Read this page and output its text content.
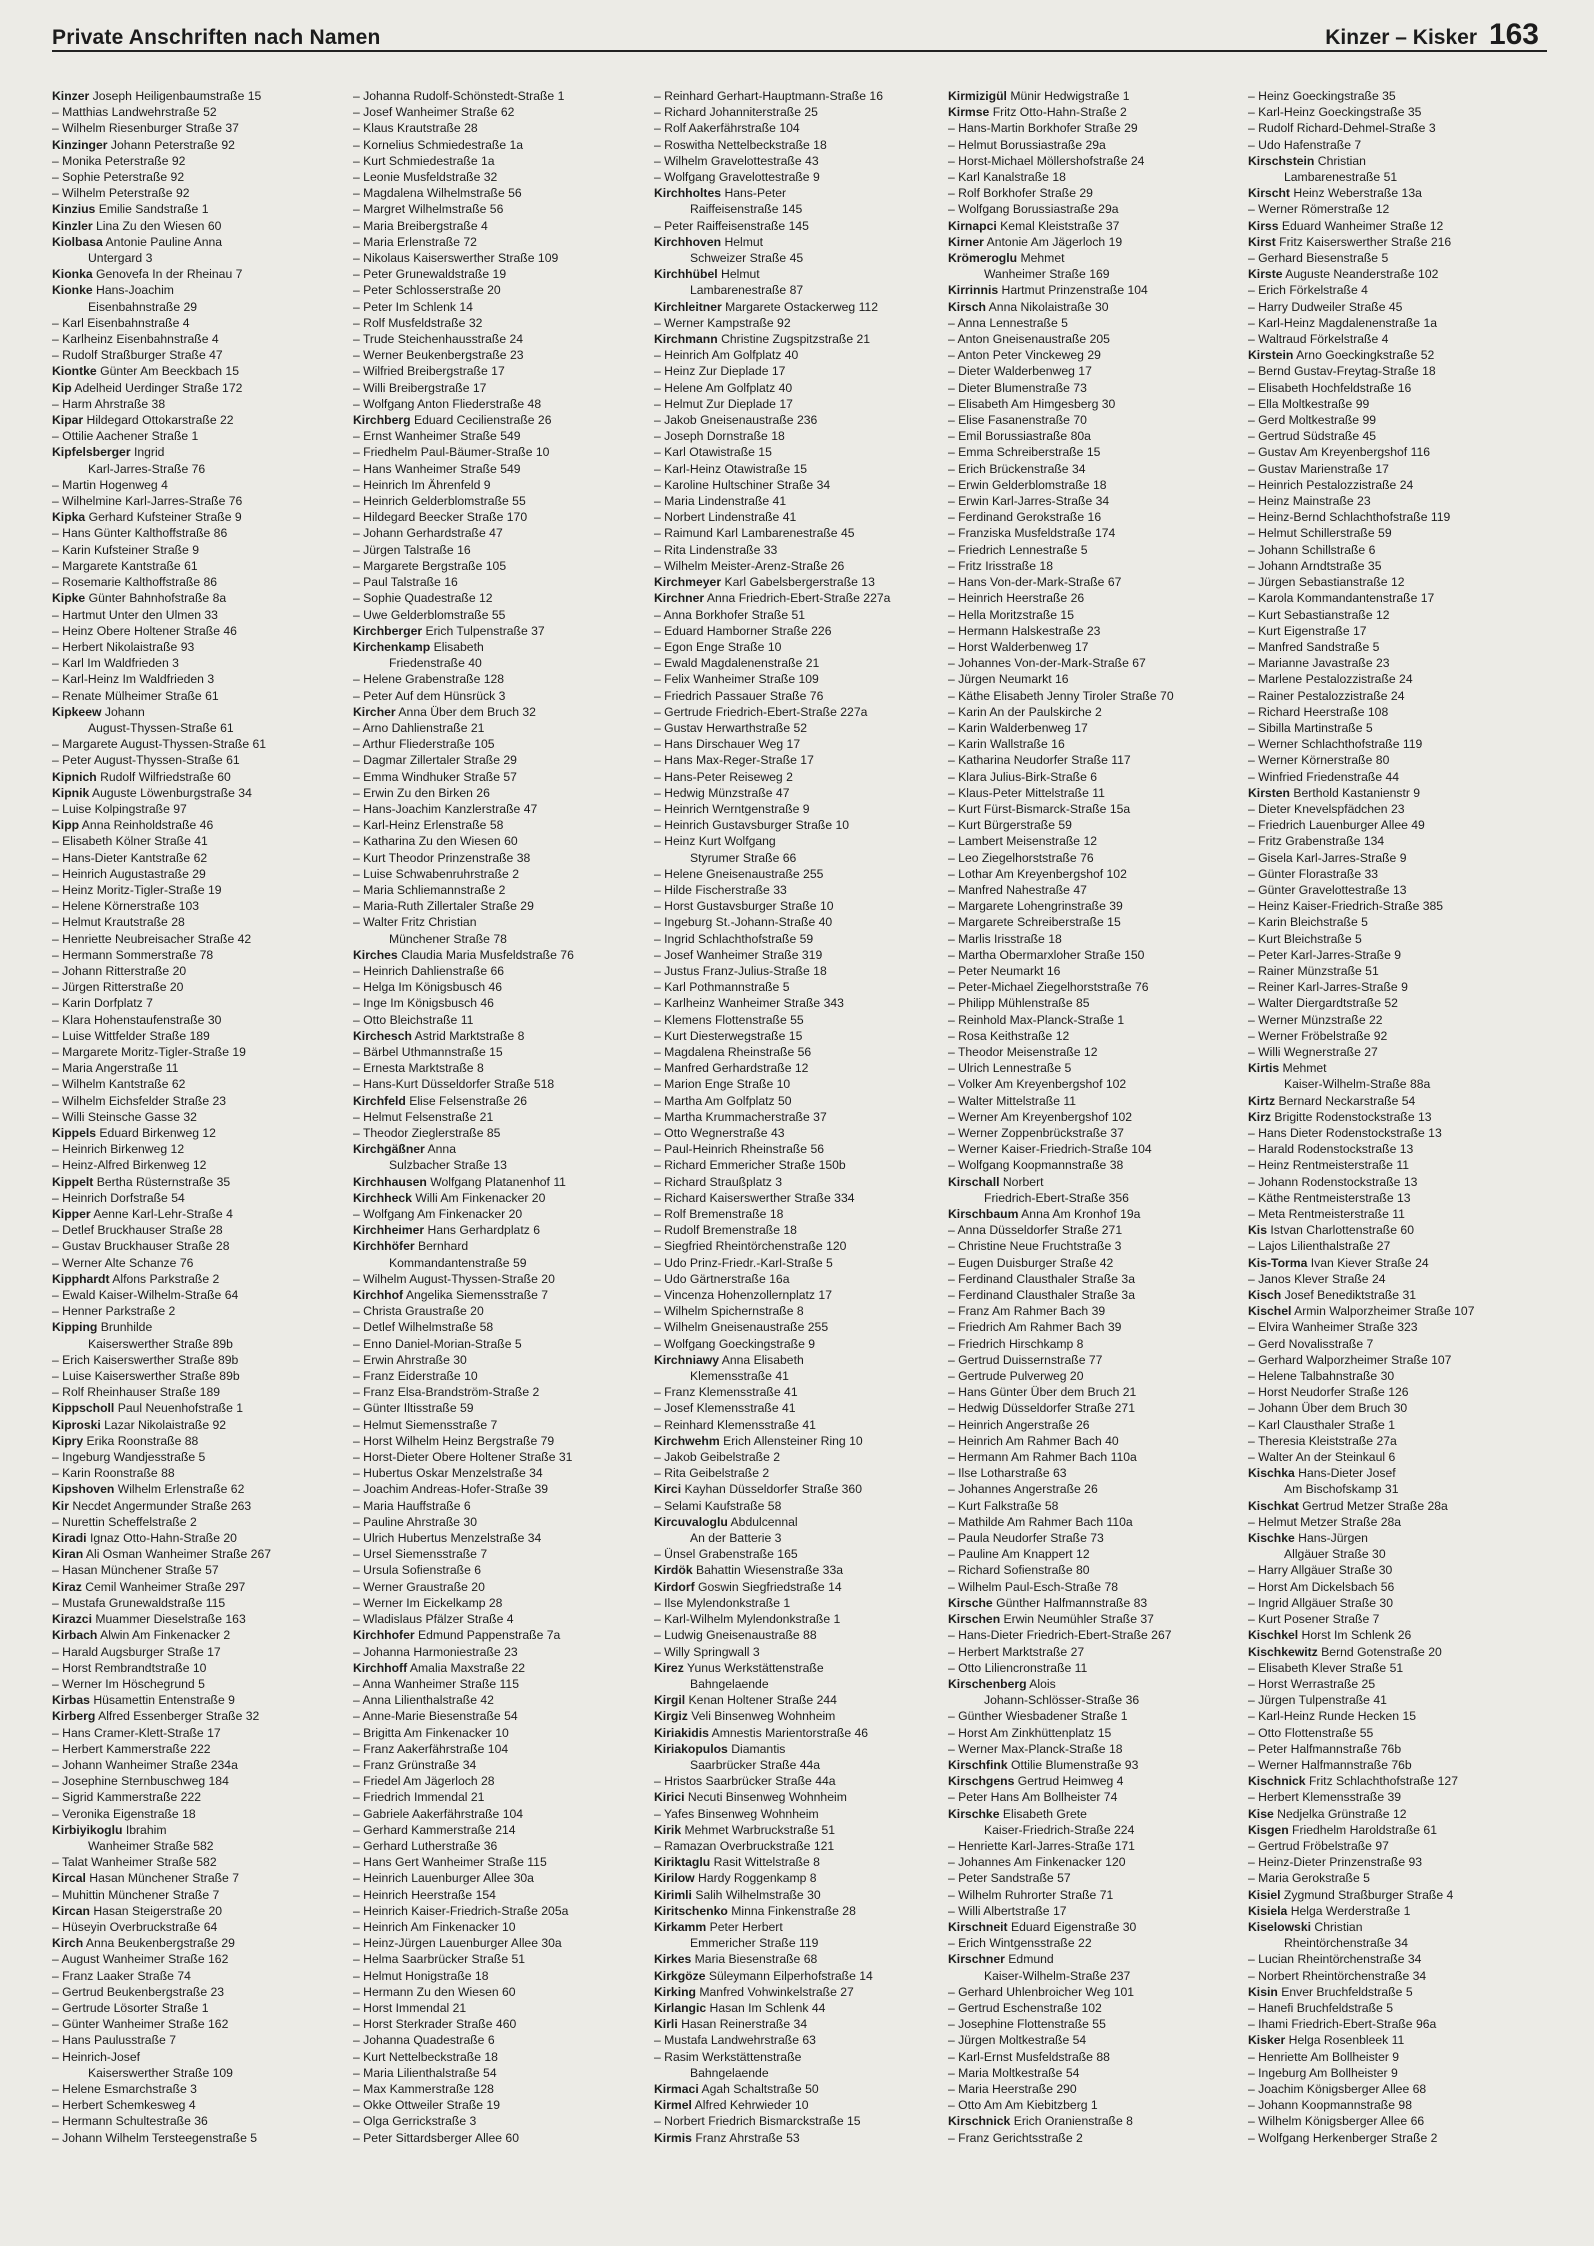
Private Anschriften nach Namen	Kinzer – Kisker 163
Kinzer Joseph Heiligenbaumstraße 15
– Matthias Landwehrstraße 52
– Wilhelm Riesenburger Straße 37
Kinzinger Johann Peterstraße 92
– Monika Peterstraße 92
– Sophie Peterstraße 92
– Wilhelm Peterstraße 92
Kinzius Emilie Sandstraße 1
Kinzler Lina Zu den Wiesen 60
Kiolbasa Antonie Pauline Anna
Untergard 3
Kionka Genovefa In der Rheinau 7
Kionke Hans-Joachim
Eisenbahnstraße 29
– Karl Eisenbahnstraße 4
– Karlheinz Eisenbahnstraße 4
– Rudolf Straßburger Straße 47
Kiontke Günter Am Beeckbach 15
Kip Adelheid Uerdinger Straße 172
– Harm Ahrstraße 38
Kipar Hildegard Ottokarstraße 22
– Ottilie Aachener Straße 1
Kipfelsberger Ingrid
Karl-Jarres-Straße 76
– Martin Hogenweg 4
– Wilhelmine Karl-Jarres-Straße 76
Kipka Gerhard Kufsteiner Straße 9
– Hans Günter Kalthoffstraße 86
– Karin Kufsteiner Straße 9
– Margarete Kantstraße 61
– Rosemarie Kalthoffstraße 86
Kipke Günter Bahnhofstraße 8a
– Hartmut Unter den Ulmen 33
– Heinz Obere Holtener Straße 46
– Herbert Nikolaistraße 93
– Karl Im Waldfrieden 3
– Karl-Heinz Im Waldfrieden 3
– Renate Mülheimer Straße 61
Kipkeew Johann
August-Thyssen-Straße 61
– Margarete August-Thyssen-Straße 61
– Peter August-Thyssen-Straße 61
Kipnich Rudolf Wilfriedstraße 60
Kipnik Auguste Löwenburgstraße 34
– Luise Kolpingstraße 97
Kipp Anna Reinholdstraße 46
– Elisabeth Kölner Straße 41
– Hans-Dieter Kantstraße 62
– Heinrich Augustastraße 29
– Heinz Moritz-Tigler-Straße 19
– Helene Körnerstraße 103
– Helmut Krautstraße 28
– Henriette Neubreisacher Straße 42
– Hermann Sommerstraße 78
– Johann Ritterstraße 20
– Jürgen Ritterstraße 20
– Karin Dorfplatz 7
– Klara Hohenstaufenstraße 30
– Luise Wittfelder Straße 189
– Margarete Moritz-Tigler-Straße 19
– Maria Angerstraße 11
– Wilhelm Kantstraße 62
– Wilhelm Eichsfelder Straße 23
– Willi Steinsche Gasse 32
Kippels Eduard Birkenweg 12
– Heinrich Birkenweg 12
– Heinz-Alfred Birkenweg 12
Kippelt Bertha Rüsternstraße 35
– Heinrich Dorfstraße 54
Kipper Aenne Karl-Lehr-Straße 4
– Detlef Bruckhauser Straße 28
– Gustav Bruckhauser Straße 28
– Werner Alte Schanze 76
Kipphardt Alfons Parkstraße 2
– Ewald Kaiser-Wilhelm-Straße 64
– Henner Parkstraße 2
Kipping Brunhilde
Kaiserswerther Straße 89b
– Erich Kaiserswerther Straße 89b
– Luise Kaiserswerther Straße 89b
– Rolf Rheinhauser Straße 189
Kippscholl Paul Neuenhofstraße 1
Kiproski Lazar Nikolaistraße 92
Kipry Erika Roonstraße 88
– Ingeburg Wandjesstraße 5
– Karin Roonstraße 88
Kipshoven Wilhelm Erlenstraße 62
Kir Necdet Angermunder Straße 263
– Nurettin Scheffelstraße 2
Kiradi Ignaz Otto-Hahn-Straße 20
Kiran Ali Osman Wanheimer Straße 267
– Hasan Münchener Straße 57
Kiraz Cemil Wanheimer Straße 297
– Mustafa Grunewaldstraße 115
Kirazci Muammer Dieselstraße 163
Kirbach Alwin Am Finkenacker 2
– Harald Augsburger Straße 17
– Horst Rembrandtstraße 10
– Werner Im Höschegrund 5
Kirbas Hüsamettin Entenstraße 9
Kirberg Alfred Essenberger Straße 32
– Hans Cramer-Klett-Straße 17
– Herbert Kammerstraße 222
– Johann Wanheimer Straße 234a
– Josephine Sternbuschweg 184
– Sigrid Kammerstraße 222
– Veronika Eigenstraße 18
Kirbiyikoglu Ibrahim
Wanheimer Straße 582
– Talat Wanheimer Straße 582
Kircal Hasan Münchener Straße 7
– Muhittin Münchener Straße 7
Kircan Hasan Steigerstraße 20
– Hüseyin Overbruckstraße 64
Kirch Anna Beukenbergstraße 29
– August Wanheimer Straße 162
– Franz Laaker Straße 74
– Gertrud Beukenbergstraße 23
– Gertrude Lösorter Straße 1
– Günter Wanheimer Straße 162
– Hans Paulusstraße 7
– Heinrich-Josef
Kaiserswerther Straße 109
– Helene Esmarchstraße 3
– Herbert Schemkesweg 4
– Hermann Schultestraße 36
– Johann Wilhelm Tersteegenstraße 5
– Johanna Rudolf-Schönstedt-Straße 1
– Josef Wanheimer Straße 62
– Klaus Krautstraße 28
– Kornelius Schmiedestraße 1a
– Kurt Schmiedestraße 1a
– Leonie Musfeldstraße 32
– Magdalena Wilhelmstraße 56
– Margret Wilhelmstraße 56
– Maria Breibergstraße 4
– Maria Erlenstraße 72
– Nikolaus Kaiserswerther Straße 109
– Peter Grunewaldstraße 19
– Peter Schlosserstraße 20
– Peter Im Schlenk 14
– Rolf Musfeldstraße 32
– Trude Steichenhausstraße 24
– Werner Beukenbergstraße 23
– Wilfried Breibergstraße 17
– Willi Breibergstraße 17
– Wolfgang Anton Fliederstraße 48
Kirchberg Eduard Cecilienstraße 26
– Ernst Wanheimer Straße 549
– Friedhelm Paul-Bäumer-Straße 10
– Hans Wanheimer Straße 549
– Heinrich Im Ährenfeld 9
– Heinrich Gelderblomstraße 55
– Hildegard Beecker Straße 170
– Johann Gerhardstraße 47
– Jürgen Talstraße 16
– Margarete Bergstraße 105
– Paul Talstraße 16
– Sophie Quadestraße 12
– Uwe Gelderblomstraße 55
Kirchberger Erich Tulpenstraße 37
Kirchenkamp Elisabeth
Friedenstraße 40
– Helene Grabenstraße 128
– Peter Auf dem Hünsrück 3
Kircher Anna Über dem Bruch 32
– Arno Dahlienstraße 21
– Arthur Fliederstraße 105
– Dagmar Zillertaler Straße 29
– Emma Windhuker Straße 57
– Erwin Zu den Birken 26
– Hans-Joachim Kanzlerstraße 47
– Karl-Heinz Erlenstraße 58
– Katharina Zu den Wiesen 60
– Kurt Theodor Prinzenstraße 38
– Luise Schwabenruhrstraße 2
– Maria Schliemannstraße 2
– Maria-Ruth Zillertaler Straße 29
– Walter Fritz Christian
Münchener Straße 78
Kirches Claudia Maria Musfeldstraße 76
– Heinrich Dahlienstraße 66
– Helga Im Königsbusch 46
– Inge Im Königsbusch 46
– Otto Bleichstraße 11
Kirchesch Astrid Marktstraße 8
– Bärbel Uthmannstraße 15
– Ernesta Marktstraße 8
– Hans-Kurt Düsseldorfer Straße 518
Kirchfeld Elise Felsenstraße 26
– Helmut Felsenstraße 21
– Theodor Zieglerstraße 85
Kirchgäßner Anna
Sulzbacher Straße 13
Kirchhausen Wolfgang Platanenhof 11
Kirchheck Willi Am Finkenacker 20
– Wolfgang Am Finkenacker 20
Kirchheimer Hans Gerhardplatz 6
Kirchhöfer Bernhard
Kommandantenstraße 59
– Wilhelm August-Thyssen-Straße 20
Kirchhof Angelika Siemensstraße 7
– Christa Graustraße 20
– Detlef Wilhelmstraße 58
– Enno Daniel-Morian-Straße 5
– Erwin Ahrstraße 30
– Franz Eiderstraße 10
– Franz Elsa-Brandström-Straße 2
– Günter Iltisstraße 59
– Helmut Siemensstraße 7
– Horst Wilhelm Heinz Bergstraße 79
– Horst-Dieter Obere Holtener Straße 31
– Hubertus Oskar Menzelstraße 34
– Joachim Andreas-Hofer-Straße 39
– Maria Hauffstraße 6
– Pauline Ahrstraße 30
– Ulrich Hubertus Menzelstraße 34
– Ursel Siemensstraße 7
– Ursula Sofienstraße 6
– Werner Graustraße 20
– Werner Im Eickelkamp 28
– Wladislaus Pfälzer Straße 4
Kirchhofer Edmund Pappenstraße 7a
– Johanna Harmoniestraße 23
Kirchhoff Amalia Maxstraße 22
– Anna Wanheimer Straße 115
– Anna Lilienthalstraße 42
– Anne-Marie Biesenstraße 54
– Brigitta Am Finkenacker 10
– Franz Aakerfährstraße 104
– Franz Grünstraße 34
– Friedel Am Jägerloch 28
– Friedrich Immendal 21
– Gabriele Aakerfährstraße 104
– Gerhard Kammerstraße 214
– Gerhard Lutherstraße 36
– Hans Gert Wanheimer Straße 115
– Heinrich Lauenburger Allee 30a
– Heinrich Heerstraße 154
– Heinrich Kaiser-Friedrich-Straße 205a
– Heinrich Am Finkenacker 10
– Heinz-Jürgen Lauenburger Allee 30a
– Helma Saarbrücker Straße 51
– Helmut Honigstraße 18
– Hermann Zu den Wiesen 60
– Horst Immendal 21
– Horst Sterkrader Straße 460
– Johanna Quadestraße 6
– Kurt Nettelbeckstraße 18
– Maria Lilienthalstraße 54
– Max Kammerstraße 128
– Okke Ottweiler Straße 19
– Olga Gerrickstraße 3
– Peter Sittardsberger Allee 60
– Reinhard Gerhart-Hauptmann-Straße 16
– Richard Johanniterstraße 25
– Rolf Aakerfährstraße 104
– Roswitha Nettelbeckstraße 18
– Wilhelm Gravelottestraße 43
– Wolfgang Gravelottestraße 9
Kirchholtes Hans-Peter
Raiffeisenstraße 145
– Peter Raiffeisenstraße 145
Kirchhoven Helmut
Schweizer Straße 45
Kirchhübel Helmut
Lambarenestraße 87
Kirchleitner Margarete Ostackerweg 112
– Werner Kampstraße 92
Kirchmann Christine Zugspitzstraße 21
– Heinrich Am Golfplatz 40
– Heinz Zur Dieplade 17
– Helene Am Golfplatz 40
– Helmut Zur Dieplade 17
– Jakob Gneisenaustraße 236
– Joseph Dornstraße 18
– Karl Otawistraße 15
– Karl-Heinz Otawistraße 15
– Karoline Hultschiner Straße 34
– Maria Lindenstraße 41
– Norbert Lindenstraße 41
– Raimund Karl Lambarenestraße 45
– Rita Lindenstraße 33
– Wilhelm Meister-Arenz-Straße 26
Kirchmeyer Karl Gabelsbergerstraße 13
Kirchner Anna Friedrich-Ebert-Straße 227a
– Anna Borkhofer Straße 51
– Eduard Hamborner Straße 226
– Egon Enge Straße 10
– Ewald Magdalenenstraße 21
– Felix Wanheimer Straße 109
– Friedrich Passauer Straße 76
– Gertrude Friedrich-Ebert-Straße 227a
– Gustav Herwarthstraße 52
– Hans Dirschauer Weg 17
– Hans Max-Reger-Straße 17
– Hans-Peter Reiseweg 2
– Hedwig Münzstraße 47
– Heinrich Werntgenstraße 9
– Heinrich Gustavsburger Straße 10
– Heinz Kurt Wolfgang
Styrumer Straße 66
– Helene Gneisenaustraße 255
– Hilde Fischerstraße 33
– Horst Gustavsburger Straße 10
– Ingeburg St.-Johann-Straße 40
– Ingrid Schlachthofstraße 59
– Josef Wanheimer Straße 319
– Justus Franz-Julius-Straße 18
– Karl Pothmannstraße 5
– Karlheinz Wanheimer Straße 343
– Klemens Flottenstraße 55
– Kurt Diesterwegstraße 15
– Magdalena Rheinstraße 56
– Manfred Gerhardstraße 12
– Marion Enge Straße 10
– Martha Am Golfplatz 50
– Martha Krummacherstraße 37
– Otto Wegnerstraße 43
– Paul-Heinrich Rheinstraße 56
– Richard Emmericher Straße 150b
– Richard Straußplatz 3
– Richard Kaiserswerther Straße 334
– Rolf Bremenstraße 18
– Rudolf Bremenstraße 18
– Siegfried Rheintörchenstraße 120
– Udo Prinz-Friedr.-Karl-Straße 5
– Udo Gärtnerstraße 16a
– Vincenza Hohenzollernplatz 17
– Wilhelm Spichernstraße 8
– Wilhelm Gneisenaustraße 255
– Wolfgang Goeckingstraße 9
Kirchniawy Anna Elisabeth
Klemensstraße 41
– Franz Klemensstraße 41
– Josef Klemensstraße 41
– Reinhard Klemensstraße 41
Kirchwehm Erich Allensteiner Ring 10
– Jakob Geibelstraße 2
– Rita Geibelstraße 2
Kirci Kayhan Düsseldorfer Straße 360
– Selami Kaufstraße 58
Kircuvaloglu Abdulcennal
An der Batterie 3
– Ünsel Grabenstraße 165
Kirdök Bahattin Wiesenstraße 33a
Kirdorf Goswin Siegfriedstraße 14
– Ilse Mylendonkstraße 1
– Karl-Wilhelm Mylendonkstraße 1
– Ludwig Gneisenaustraße 88
– Willy Springwall 3
Kirez Yunus Werkstättenstraße
Bahngelaende
Kirgil Kenan Holtener Straße 244
Kirgiz Veli Binsenweg Wohnheim
Kiriakidis Amnestis Marientorstraße 46
Kiriakopulos Diamantis
Saarbrücker Straße 44a
– Hristos Saarbrücker Straße 44a
Kirici Necuti Binsenweg Wohnheim
– Yafes Binsenweg Wohnheim
Kirik Mehmet Warbruckstraße 51
– Ramazan Overbruckstraße 121
Kiriktaglu Rasit Wittelstraße 8
Kirilow Hardy Roggenkamp 8
Kirimli Salih Wilhelmstraße 30
Kiritschenko Minna Finkenstraße 28
Kirkamm Peter Herbert
Emmericher Straße 119
Kirkes Maria Biesenstraße 68
Kirkgöze Süleymann Eilperhofstraße 14
Kirking Manfred Vohwinkelstraße 27
Kirlangic Hasan Im Schlenk 44
Kirli Hasan Reinerstraße 34
– Mustafa Landwehrstraße 63
– Rasim Werkstättenstraße
Bahngelaende
Kirmaci Agah Schaltstraße 50
Kirmel Alfred Kehrwieder 10
– Norbert Friedrich Bismarckstraße 15
Kirmis Franz Ahrstraße 53
Kirmizigül Münir Hedwigstraße 1
Kirmse Fritz Otto-Hahn-Straße 2
– Hans-Martin Borkhofer Straße 29
– Helmut Borussiastraße 29a
– Horst-Michael Möllershofstraße 24
– Karl Kanalstraße 18
– Rolf Borkhofer Straße 29
– Wolfgang Borussiastraße 29a
Kirnapci Kemal Kleiststraße 37
Kirner Antonie Am Jägerloch 19
Krömeroglu Mehmet
Wanheimer Straße 169
Kirrinnis Hartmut Prinzenstraße 104
Kirsch Anna Nikolaistraße 30
– Anna Lennestraße 5
– Anton Gneisenaustraße 205
– Anton Peter Vinckeweg 29
– Dieter Walderbenweg 17
– Dieter Blumenstraße 73
– Elisabeth Am Himgesberg 30
– Elise Fasanenstraße 70
– Emil Borussiastraße 80a
– Emma Schreiberstraße 15
– Erich Brückenstraße 34
– Erwin Gelderblomstraße 18
– Erwin Karl-Jarres-Straße 34
– Ferdinand Gerokstraße 16
– Franziska Musfeldstraße 174
– Friedrich Lennestraße 5
– Fritz Irisstraße 18
– Hans Von-der-Mark-Straße 67
– Heinrich Heerstraße 26
– Hella Moritzstraße 15
– Hermann Halskestraße 23
– Horst Walderbenweg 17
– Johannes Von-der-Mark-Straße 67
– Jürgen Neumarkt 16
– Käthe Elisabeth Jenny Tiroler Straße 70
– Karin An der Paulskirche 2
– Karin Walderbenweg 17
– Karin Wallstraße 16
– Katharina Neudorfer Straße 117
– Klara Julius-Birk-Straße 6
– Klaus-Peter Mittelstraße 11
– Kurt Fürst-Bismarck-Straße 15a
– Kurt Bürgerstraße 59
– Lambert Meisenstraße 12
– Leo Ziegelhorststraße 76
– Lothar Am Kreyenbergshof 102
– Manfred Nahestraße 47
– Margarete Lohengrinstraße 39
– Margarete Schreiberstraße 15
– Marlis Irisstraße 18
– Martha Obermarxloher Straße 150
– Peter Neumarkt 16
– Peter-Michael Ziegelhorststraße 76
– Philipp Mühlenstraße 85
– Reinhold Max-Planck-Straße 1
– Rosa Keithstraße 12
– Theodor Meisenstraße 12
– Ulrich Lennestraße 5
– Volker Am Kreyenbergshof 102
– Walter Mittelstraße 11
– Werner Am Kreyenbergshof 102
– Werner Zoppenbrückstraße 37
– Werner Kaiser-Friedrich-Straße 104
– Wolfgang Koopmannstraße 38
Kirschall Norbert
Friedrich-Ebert-Straße 356
Kirschbaum Anna Am Kronhof 19a
– Anna Düsseldorfer Straße 271
– Christine Neue Fruchtstraße 3
– Eugen Duisburger Straße 42
– Ferdinand Clausthaler Straße 3a
– Ferdinand Clausthaler Straße 3a
– Franz Am Rahmer Bach 39
– Friedrich Am Rahmer Bach 39
– Friedrich Hirschkamp 8
– Gertrud Duissernstraße 77
– Gertrude Pulverweg 20
– Hans Günter Über dem Bruch 21
– Hedwig Düsseldorfer Straße 271
– Heinrich Angerstraße 26
– Heinrich Am Rahmer Bach 40
– Hermann Am Rahmer Bach 110a
– Ilse Lotharstraße 63
– Johannes Angerstraße 26
– Kurt Falkstraße 58
– Mathilde Am Rahmer Bach 110a
– Paula Neudorfer Straße 73
– Pauline Am Knappert 12
– Richard Sofienstraße 80
– Wilhelm Paul-Esch-Straße 78
Kirsche Günther Halfmannstraße 83
Kirschen Erwin Neumühler Straße 37
– Hans-Dieter Friedrich-Ebert-Straße 267
– Herbert Marktstraße 27
– Otto Liliencronstraße 11
Kirschenberg Alois
Johann-Schlösser-Straße 36
– Günther Wiesbadener Straße 1
– Horst Am Zinkhüttenplatz 15
– Werner Max-Planck-Straße 18
Kirschfink Ottilie Blumenstraße 93
Kirschgens Gertrud Heimweg 4
– Peter Hans Am Bollheister 74
Kirschke Elisabeth Grete
Kaiser-Friedrich-Straße 224
– Henriette Karl-Jarres-Straße 171
– Johannes Am Finkenacker 120
– Peter Sandstraße 57
– Wilhelm Ruhrorter Straße 71
– Willi Albertstraße 17
Kirschneit Eduard Eigenstraße 30
– Erich Wintgensstraße 22
Kirschner Edmund
Kaiser-Wilhelm-Straße 237
– Gerhard Uhlenbroicher Weg 101
– Gertrud Eschenstraße 102
– Josephine Flottenstraße 55
– Jürgen Moltkestraße 54
– Karl-Ernst Musfeldstraße 88
– Maria Moltkestraße 54
– Maria Heerstraße 290
– Otto Am Am Kiebitzberg 1
Kirschnick Erich Oranienstraße 8
– Franz Gerichtsstraße 2
– Heinz Goeckingstraße 35
– Karl-Heinz Goeckingstraße 35
– Rudolf Richard-Dehmel-Straße 3
– Udo Hafenstraße 7
Kirschstein Christian
Lambarenestraße 51
Kirscht Heinz Weberstraße 13a
– Werner Römerstraße 12
Kirss Eduard Wanheimer Straße 12
Kirst Fritz Kaiserswerther Straße 216
– Gerhard Biesenstraße 5
Kirste Auguste Neanderstraße 102
– Erich Förkelstraße 4
– Harry Dudweiler Straße 45
– Karl-Heinz Magdalenenstraße 1a
– Waltraud Förkelstraße 4
Kirstein Arno Goeckingkstraße 52
– Bernd Gustav-Freytag-Straße 18
– Elisabeth Hochfeldstraße 16
– Ella Moltkestraße 99
– Gerd Moltkestraße 99
– Gertrud Südstraße 45
– Gustav Am Kreyenbergshof 116
– Gustav Marienstraße 17
– Heinrich Pestalozzistraße 24
– Heinz Mainstraße 23
– Heinz-Bernd Schlachthofstraße 119
– Helmut Schillerstraße 59
– Johann Schillstraße 6
– Johann Arndtstraße 35
– Jürgen Sebastianstraße 12
– Karola Kommandantenstraße 17
– Kurt Sebastianstraße 12
– Kurt Eigenstraße 17
– Manfred Sandstraße 5
– Marianne Javastraße 23
– Marlene Pestalozzistraße 24
– Rainer Pestalozzistraße 24
– Richard Heerstraße 108
– Sibilla Martinstraße 5
– Werner Schlachthofstraße 119
– Werner Körnerstraße 80
– Winfried Friedenstraße 44
Kirsten Berthold Kastanienstr 9
– Dieter Knevelspfädchen 23
– Friedrich Lauenburger Allee 49
– Fritz Grabenstraße 134
– Gisela Karl-Jarres-Straße 9
– Günter Florastraße 33
– Günter Gravelottestraße 13
– Heinz Kaiser-Friedrich-Straße 385
– Karin Bleichstraße 5
– Kurt Bleichstraße 5
– Peter Karl-Jarres-Straße 9
– Rainer Münzstraße 51
– Reiner Karl-Jarres-Straße 9
– Walter Diergardtstraße 52
– Werner Münzstraße 22
– Werner Fröbelstraße 92
– Willi Wegnerstraße 27
Kirtis Mehmet
Kaiser-Wilhelm-Straße 88a
Kirtz Bernard Neckarstraße 54
Kirz Brigitte Rodenstockstraße 13
– Hans Dieter Rodenstockstraße 13
– Harald Rodenstockstraße 13
– Heinz Rentmeisterstraße 11
– Johann Rodenstockstraße 13
– Käthe Rentmeisterstraße 13
– Meta Rentmeisterstraße 11
Kis Istvan Charlottenstraße 60
– Lajos Lilienthalstraße 27
Kis-Torma Ivan Kiever Straße 24
– Janos Klever Straße 24
Kisch Josef Benediktstraße 31
Kischel Armin Walporzheimer Straße 107
– Elvira Wanheimer Straße 323
– Gerd Novalisstraße 7
– Gerhard Walporzheimer Straße 107
– Helene Talbahnstraße 30
– Horst Neudorfer Straße 126
– Johann Über dem Bruch 30
– Karl Clausthaler Straße 1
– Theresia Kleiststraße 27a
– Walter An der Steinkaul 6
Kischka Hans-Dieter Josef
Am Bischofskamp 31
Kischkat Gertrud Metzer Straße 28a
– Helmut Metzer Straße 28a
Kischke Hans-Jürgen
Allgäuer Straße 30
– Harry Allgäuer Straße 30
– Horst Am Dickelsbach 56
– Ingrid Allgäuer Straße 30
– Kurt Posener Straße 7
Kischkel Horst Im Schlenk 26
Kischkewitz Bernd Gotenstraße 20
– Elisabeth Klever Straße 51
– Horst Werrastraße 25
– Jürgen Tulpenstraße 41
– Karl-Heinz Runde Hecken 15
– Otto Flottenstraße 55
– Peter Halfmannstraße 76b
– Werner Halfmannstraße 76b
Kischnick Fritz Schlachthofstraße 127
– Herbert Klemensstraße 39
Kise Nedjelka Grünstraße 12
Kisgen Friedhelm Haroldstraße 61
– Gertrud Fröbelstraße 97
– Heinz-Dieter Prinzenstraße 93
– Maria Gerokstraße 5
Kisiel Zygmund Straßburger Straße 4
Kisiela Helga Werderstraße 1
Kiselowski Christian
Rheintörchenstraße 34
– Lucian Rheintörchenstraße 34
– Norbert Rheintörchenstraße 34
Kisin Enver Bruchfeldstraße 5
– Hanefi Bruchfeldstraße 5
– Ihami Friedrich-Ebert-Straße 96a
Kisker Helga Rosenbleek 11
– Henriette Am Bollheister 9
– Ingeburg Am Bollheister 9
– Joachim Königsberger Allee 68
– Johann Koopmannstraße 98
– Wilhelm Königsberger Allee 66
– Wolfgang Herkenberger Straße 2
